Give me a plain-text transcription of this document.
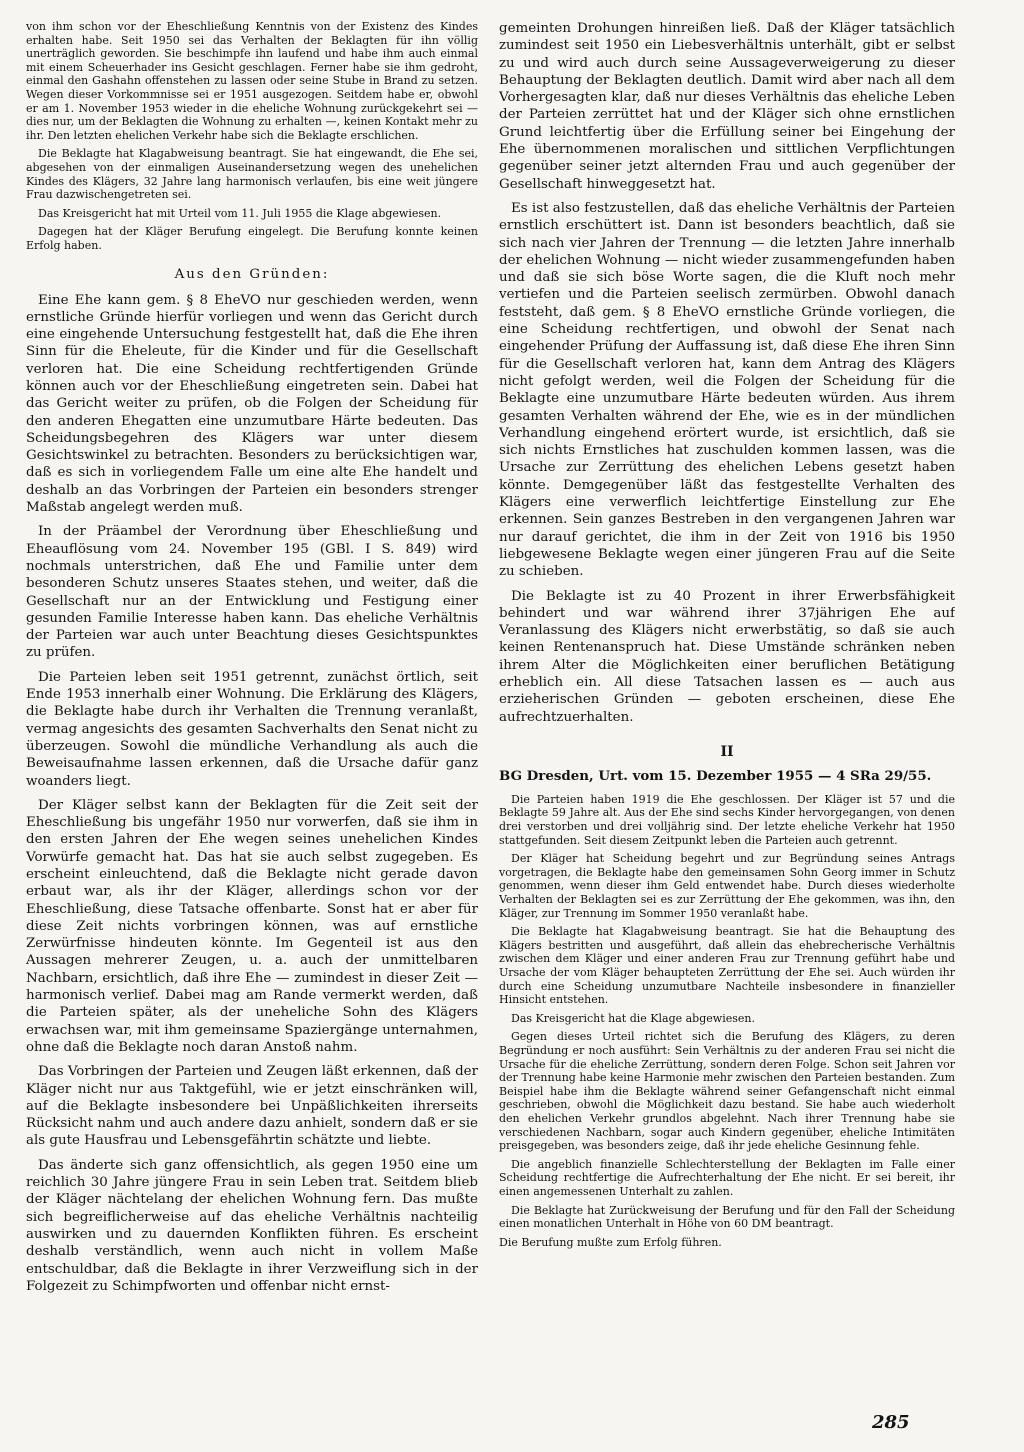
von ihm schon vor der Eheschließung Kenntnis von der Existenz des Kindes erhalten habe. Seit 1950 sei das Verhalten der Beklagten für ihn völlig unerträglich geworden. Sie beschimpfe ihn laufend und habe ihm auch einmal mit einem Scheuerhader ins Gesicht geschlagen. Ferner habe sie ihm gedroht, einmal den Gashahn offenstehen zu lassen oder seine Stube in Brand zu setzen. Wegen dieser Vorkommnisse sei er 1951 ausgezogen. Seitdem habe er, obwohl er am 1. November 1953 wieder in die eheliche Wohnung zurückgekehrt sei — dies nur, um der Beklagten die Wohnung zu erhalten —, keinen Kontakt mehr zu ihr. Den letzten ehelichen Verkehr habe sich die Beklagte erschlichen.

Die Beklagte hat Klagabweisung beantragt. Sie hat eingewandt, die Ehe sei, abgesehen von der einmaligen Auseinandersetzung wegen des unehelichen Kindes des Klägers, 32 Jahre lang harmonisch verlaufen, bis eine weit jüngere Frau dazwischengetreten sei.

Das Kreisgericht hat mit Urteil vom 11. Juli 1955 die Klage abgewiesen.

Dagegen hat der Kläger Berufung eingelegt. Die Berufung konnte keinen Erfolg haben.

Aus den Gründen:

Eine Ehe kann gem. § 8 EheVO nur geschieden werden, wenn ernstliche Gründe hierfür vorliegen und wenn das Gericht durch eine eingehende Untersuchung festgestellt hat, daß die Ehe ihren Sinn für die Eheleute, für die Kinder und für die Gesellschaft verloren hat. Die eine Scheidung rechtfertigenden Gründe können auch vor der Eheschließung eingetreten sein. Dabei hat das Gericht weiter zu prüfen, ob die Folgen der Scheidung für den anderen Ehegatten eine unzumutbare Härte bedeuten. Das Scheidungsbegehren des Klägers war unter diesem Gesichtswinkel zu betrachten. Besonders zu berücksichtigen war, daß es sich in vorliegendem Falle um eine alte Ehe handelt und deshalb an das Vorbringen der Parteien ein besonders strenger Maßstab angelegt werden muß.

In der Präambel der Verordnung über Eheschließung und Eheauflösung vom 24. November 195 (GBl. I S. 849) wird nochmals unterstrichen, daß Ehe und Familie unter dem besonderen Schutz unseres Staates stehen, und weiter, daß die Gesellschaft nur an der Entwicklung und Festigung einer gesunden Familie Interesse haben kann. Das eheliche Verhältnis der Parteien war auch unter Beachtung dieses Gesichtspunktes zu prüfen.

Die Parteien leben seit 1951 getrennt, zunächst örtlich, seit Ende 1953 innerhalb einer Wohnung. Die Erklärung des Klägers, die Beklagte habe durch ihr Verhalten die Trennung veranlaßt, vermag angesichts des gesamten Sachverhalts den Senat nicht zu überzeugen. Sowohl die mündliche Verhandlung als auch die Beweisaufnahme lassen erkennen, daß die Ursache dafür ganz woanders liegt.

Der Kläger selbst kann der Beklagten für die Zeit seit der Eheschließung bis ungefähr 1950 nur vorwerfen, daß sie ihm in den ersten Jahren der Ehe wegen seines unehelichen Kindes Vorwürfe gemacht hat. Das hat sie auch selbst zugegeben. Es erscheint einleuchtend, daß die Beklagte nicht gerade davon erbaut war, als ihr der Kläger, allerdings schon vor der Eheschließung, diese Tatsache offenbarte. Sonst hat er aber für diese Zeit nichts vorbringen können, was auf ernstliche Zerwürfnisse hindeuten könnte. Im Gegenteil ist aus den Aussagen mehrerer Zeugen, u. a. auch der unmittelbaren Nachbarn, ersichtlich, daß ihre Ehe — zumindest in dieser Zeit — harmonisch verlief. Dabei mag am Rande vermerkt werden, daß die Parteien später, als der uneheliche Sohn des Klägers erwachsen war, mit ihm gemeinsame Spaziergänge unternahmen, ohne daß die Beklagte noch daran Anstoß nahm.

Das Vorbringen der Parteien und Zeugen läßt erkennen, daß der Kläger nicht nur aus Taktgefühl, wie er jetzt einschränken will, auf die Beklagte insbesondere bei Unpäßlichkeiten ihrerseits Rücksicht nahm und auch andere dazu anhielt, sondern daß er sie als gute Hausfrau und Lebensgefährtin schätzte und liebte.

Das änderte sich ganz offensichtlich, als gegen 1950 eine um reichlich 30 Jahre jüngere Frau in sein Leben trat. Seitdem blieb der Kläger nächtelang der ehelichen Wohnung fern. Das mußte sich begreiflicherweise auf das eheliche Verhältnis nachteilig auswirken und zu dauernden Konflikten führen. Es erscheint deshalb verständlich, wenn auch nicht in vollem Maße entschuldbar, daß die Beklagte in ihrer Verzweiflung sich in der Folgezeit zu Schimpfworten und offenbar nicht ernst-

gemeinten Drohungen hinreißen ließ. Daß der Kläger tatsächlich zumindest seit 1950 ein Liebesverhältnis unterhält, gibt er selbst zu und wird auch durch seine Aussageverweigerung zu dieser Behauptung der Beklagten deutlich. Damit wird aber nach all dem Vorhergesagten klar, daß nur dieses Verhältnis das eheliche Leben der Parteien zerrüttet hat und der Kläger sich ohne ernstlichen Grund leichtfertig über die Erfüllung seiner bei Eingehung der Ehe übernommenen moralischen und sittlichen Verpflichtungen gegenüber seiner jetzt alternden Frau und auch gegenüber der Gesellschaft hinweggesetzt hat.

Es ist also festzustellen, daß das eheliche Verhältnis der Parteien ernstlich erschüttert ist. Dann ist besonders beachtlich, daß sie sich nach vier Jahren der Trennung — die letzten Jahre innerhalb der ehelichen Wohnung — nicht wieder zusammengefunden haben und daß sie sich böse Worte sagen, die die Kluft noch mehr vertiefen und die Parteien seelisch zermürben. Obwohl danach feststeht, daß gem. § 8 EheVO ernstliche Gründe vorliegen, die eine Scheidung rechtfertigen, und obwohl der Senat nach eingehender Prüfung der Auffassung ist, daß diese Ehe ihren Sinn für die Gesellschaft verloren hat, kann dem Antrag des Klägers nicht gefolgt werden, weil die Folgen der Scheidung für die Beklagte eine unzumutbare Härte bedeuten würden. Aus ihrem gesamten Verhalten während der Ehe, wie es in der mündlichen Verhandlung eingehend erörtert wurde, ist ersichtlich, daß sie sich nichts Ernstliches hat zuschulden kommen lassen, was die Ursache zur Zerrüttung des ehelichen Lebens gesetzt haben könnte. Demgegenüber läßt das festgestellte Verhalten des Klägers eine verwerflich leichtfertige Einstellung zur Ehe erkennen. Sein ganzes Bestreben in den vergangenen Jahren war nur darauf gerichtet, die ihm in der Zeit von 1916 bis 1950 liebgewesene Beklagte wegen einer jüngeren Frau auf die Seite zu schieben.

Die Beklagte ist zu 40 Prozent in ihrer Erwerbsfähigkeit behindert und war während ihrer 37jährigen Ehe auf Veranlassung des Klägers nicht erwerbstätig, so daß sie auch keinen Rentenanspruch hat. Diese Umstände schränken neben ihrem Alter die Möglichkeiten einer beruflichen Betätigung erheblich ein. All diese Tatsachen lassen es — auch aus erzieherischen Gründen — geboten erscheinen, diese Ehe aufrechtzuerhalten.

II

BG Dresden, Urt. vom 15. Dezember 1955 — 4 SRa 29/55.

Die Parteien haben 1919 die Ehe geschlossen. Der Kläger ist 57 und die Beklagte 59 Jahre alt. Aus der Ehe sind sechs Kinder hervorgegangen, von denen drei verstorben und drei volljährig sind. Der letzte eheliche Verkehr hat 1950 stattgefunden. Seit diesem Zeitpunkt leben die Parteien auch getrennt.

Der Kläger hat Scheidung begehrt und zur Begründung seines Antrags vorgetragen, die Beklagte habe den gemeinsamen Sohn Georg immer in Schutz genommen, wenn dieser ihm Geld entwendet habe. Durch dieses wiederholte Verhalten der Beklagten sei es zur Zerrüttung der Ehe gekommen, was ihn, den Kläger, zur Trennung im Sommer 1950 veranlaßt habe.

Die Beklagte hat Klagabweisung beantragt. Sie hat die Behauptung des Klägers bestritten und ausgeführt, daß allein das ehebrecherische Verhältnis zwischen dem Kläger und einer anderen Frau zur Trennung geführt habe und Ursache der vom Kläger behaupteten Zerrüttung der Ehe sei. Auch würden ihr durch eine Scheidung unzumutbare Nachteile insbesondere in finanzieller Hinsicht entstehen.

Das Kreisgericht hat die Klage abgewiesen.

Gegen dieses Urteil richtet sich die Berufung des Klägers, zu deren Begründung er noch ausführt: Sein Verhältnis zu der anderen Frau sei nicht die Ursache für die eheliche Zerrüttung, sondern deren Folge. Schon seit Jahren vor der Trennung habe keine Harmonie mehr zwischen den Parteien bestanden. Zum Beispiel habe ihm die Beklagte während seiner Gefangenschaft nicht einmal geschrieben, obwohl die Möglichkeit dazu bestand. Sie habe auch wiederholt den ehelichen Verkehr grundlos abgelehnt. Nach ihrer Trennung habe sie verschiedenen Nachbarn, sogar auch Kindern gegenüber, eheliche Intimitäten preisgegeben, was besonders zeige, daß ihr jede eheliche Gesinnung fehle.

Die angeblich finanzielle Schlechterstellung der Beklagten im Falle einer Scheidung rechtfertige die Aufrechterhaltung der Ehe nicht. Er sei bereit, ihr einen angemessenen Unterhalt zu zahlen.

Die Beklagte hat Zurückweisung der Berufung und für den Fall der Scheidung einen monatlichen Unterhalt in Höhe von 60 DM beantragt.

Die Berufung mußte zum Erfolg führen.

285
